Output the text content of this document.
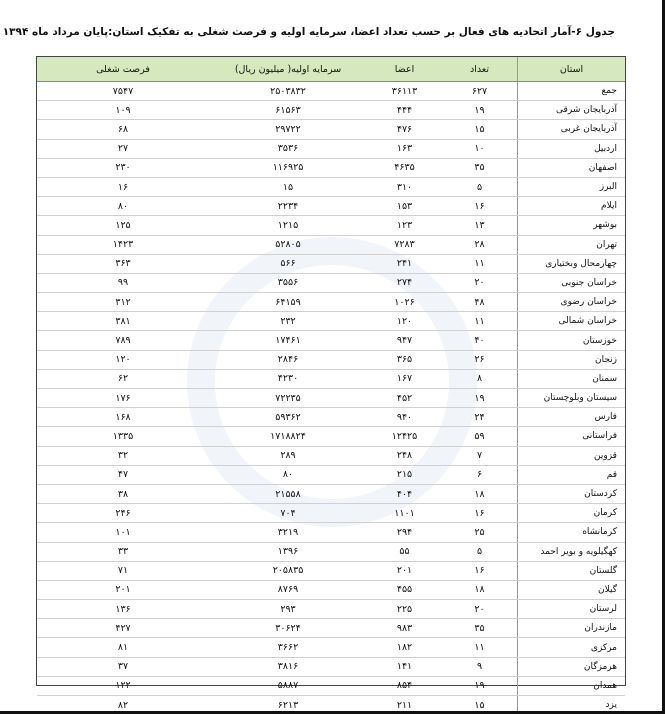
جدول ۶-آمار اتحادیه های فعال بر حسب تعداد اعضا، سرمایه اولیه و فرصت شغلی به تفکیک استان:پایان مرداد ماه ۱۳۹۴
استان	تعداد	اعضا	سرمایه اولیه( میلیون ریال)	فرصت شغلی
جمع	۶۲۷	۳۶۱۱۳	۲۵۰۳۸۳۲	۷۵۴۷
آذربایجان شرقی	۱۹	۴۴۴	۶۱۵۶۳	۱۰۹
آذربایجان غربی	۱۵	۴۷۶	۲۹۷۲۲	۶۸
اردبیل	۱۰	۱۶۳	۳۵۳۶	۲۷
اصفهان	۳۵	۴۶۳۵	۱۱۶۹۲۵	۲۳۰
البرز	۵	۳۱۰	۱۵	۱۶
ایلام	۱۶	۱۵۳	۲۲۳۴	۸۰
بوشهر	۱۳	۱۲۳	۱۲۱۵	۱۲۵
تهران	۲۸	۷۲۸۳	۵۲۸۰۵	۱۴۲۳
چهارمحال وبختیاری	۱۱	۲۴۱	۵۶۶	۳۶۳
خراسان جنوبی	۲۰	۲۷۴	۳۵۵۶	۹۹
خراسان رضوی	۴۸	۱۰۲۶	۶۴۱۵۹	۳۱۲
خراسان شمالی	۱۱	۱۲۰	۲۳۲	۳۸۱
خوزستان	۴۰	۹۴۷	۱۷۴۶۱	۷۸۹
زنجان	۲۶	۳۶۵	۲۸۴۶	۱۲۰
سمنان	۸	۱۶۷	۴۲۳۰	۶۲
سیستان وبلوچستان	۱۹	۴۵۲	۷۲۲۳۵	۱۷۶
فارس	۲۴	۹۴۰	۵۹۳۶۲	۱۶۸
فراستانی	۵۹	۱۲۴۲۵	۱۷۱۸۸۲۴	۱۳۳۵
قزوین	۷	۲۴۸	۲۸۹	۳۲
قم	۶	۲۱۵	۸۰	۴۷
کردستان	۱۸	۴۰۴	۲۱۵۵۸	۳۸
کرمان	۱۶	۱۱۰۱	۷۰۴	۲۴۶
کرمانشاه	۲۵	۲۹۴	۳۲۱۹	۱۰۱
کهگیلویه و بویر احمد	۵	۵۵	۱۳۹۶	۳۳
گلستان	۱۶	۲۰۱	۲۰۵۸۳۵	۷۱
گیلان	۱۸	۴۵۵	۸۷۶۹	۲۰۱
لرستان	۲۰	۲۲۵	۲۹۳	۱۳۶
مازندران	۳۵	۹۸۳	۳۰۶۲۴	۴۲۷
مرکزی	۱۱	۱۸۲	۳۶۶۲	۸۱
هرمزگان	۹	۱۴۱	۳۸۱۶	۳۷
همدان	۱۹	۸۵۴	۵۸۸۷	۱۲۲
یزد	۱۵	۲۱۱	۶۲۱۳	۸۲
